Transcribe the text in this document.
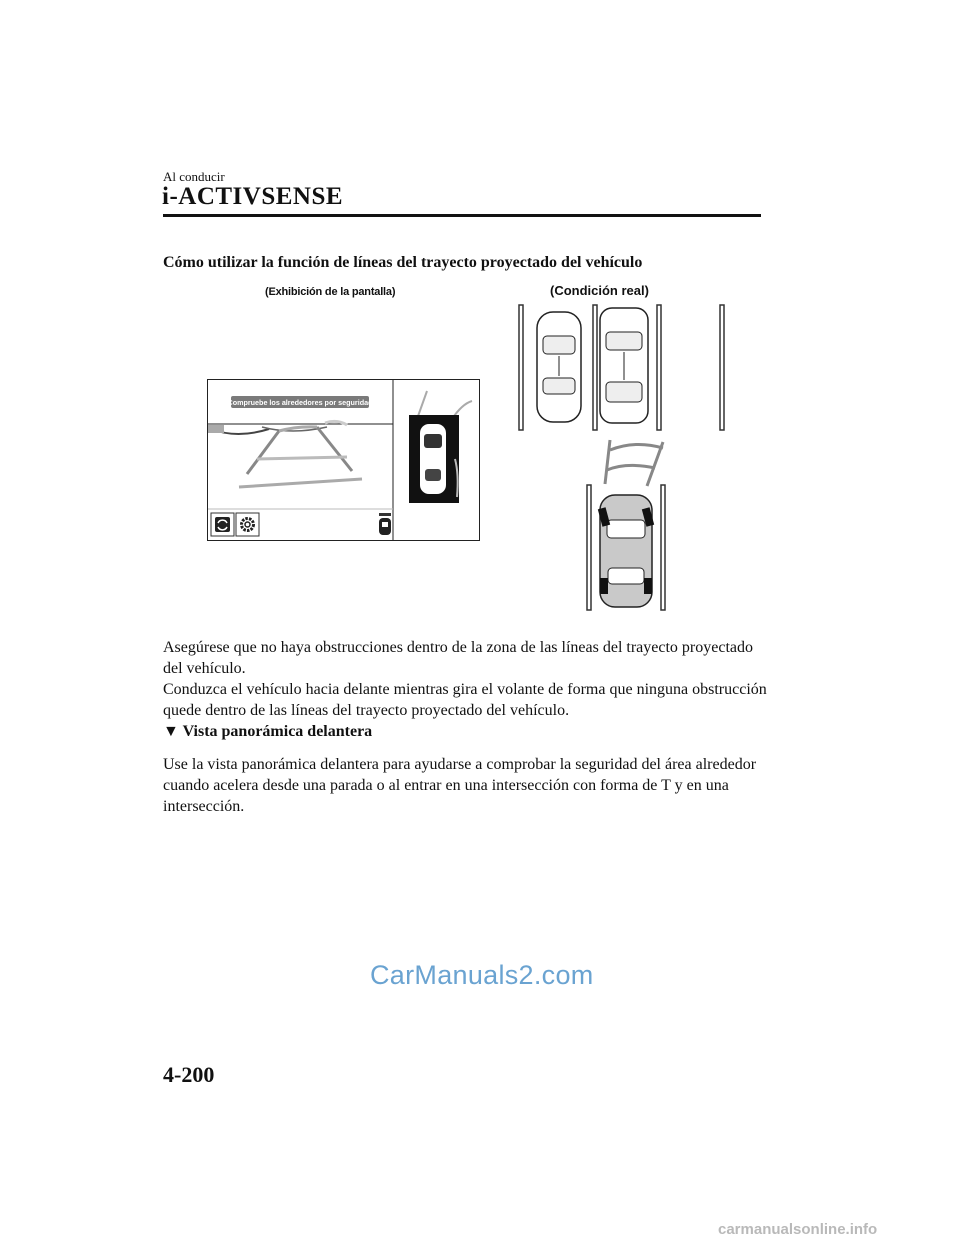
Al conducir
i-ACTIVSENSE
Cómo utilizar la función de líneas del trayecto proyectado del vehículo
(Exhibición de la pantalla)	(Condición real)
Compruebe los alrededores por seguridad
Asegúrese que no haya obstrucciones dentro de la zona de las líneas del trayecto proyectado del vehículo.
Conduzca el vehículo hacia delante mientras gira el volante de forma que ninguna obstrucción quede dentro de las líneas del trayecto proyectado del vehículo.
▼ Vista panorámica delantera
Use la vista panorámica delantera para ayudarse a comprobar la seguridad del área alrededor cuando acelera desde una parada o al entrar en una intersección con forma de T y en una intersección.
CarManuals2.com
4-200
carmanualsonline.info
